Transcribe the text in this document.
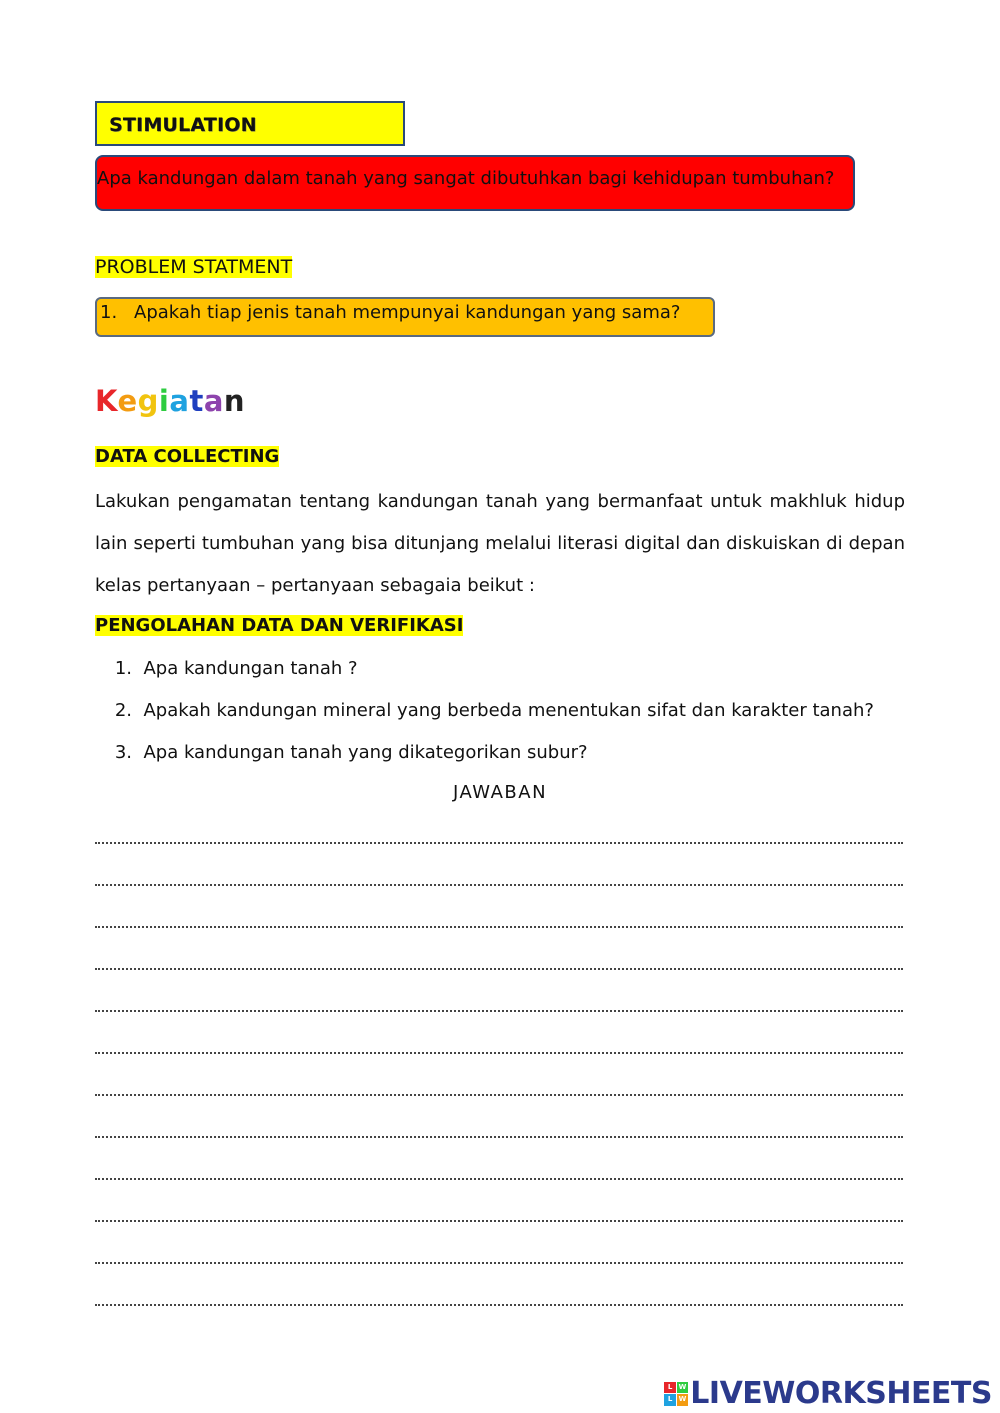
STIMULATION
Apa kandungan dalam tanah yang sangat dibutuhkan bagi kehidupan tumbuhan?
PROBLEM STATMENT
1. Apakah tiap jenis tanah mempunyai kandungan yang sama?
Kegiatan
DATA COLLECTING
Lakukan pengamatan tentang kandungan tanah yang bermanfaat untuk makhluk hidup lain seperti tumbuhan yang bisa ditunjang melalui literasi digital dan diskuiskan di depan kelas pertanyaan – pertanyaan sebagaia beikut :
PENGOLAHAN DATA DAN VERIFIKASI
1. Apa kandungan tanah ?
2. Apakah kandungan mineral yang berbeda menentukan sifat dan karakter tanah?
3. Apa kandungan tanah yang dikategorikan subur?
JAWABAN
L W
L W LIVEWORKSHEETS
